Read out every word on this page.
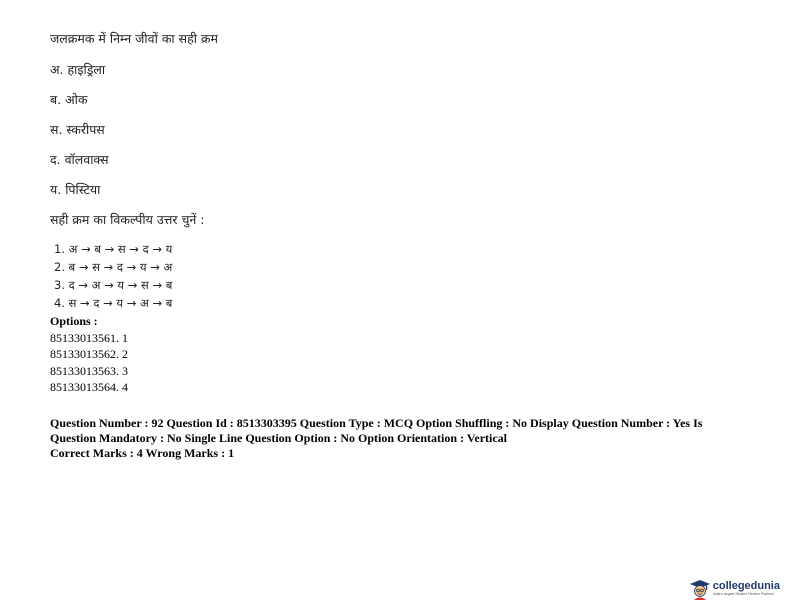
जलक्रमक में निम्न जीवों का सही क्रम
अ. हाइड्रिला
ब. ओक
स. स्करीपस
द. वॉलवाक्स
य. पिस्टिया
सही क्रम का विकल्पीय उत्तर चुनें :
1. अ → ब → स → द → य
2. ब → स → द → य → अ
3. द → अ → य → स → ब
4. स → द → य → अ → ब
Options :
85133013561. 1
85133013562. 2
85133013563. 3
85133013564. 4
Question Number : 92 Question Id : 8513303395 Question Type : MCQ Option Shuffling : No Display Question Number : Yes Is
Question Mandatory : No Single Line Question Option : No Option Orientation : Vertical
Correct Marks : 4 Wrong Marks : 1
collegedunia
India's largest Student Review Platform
